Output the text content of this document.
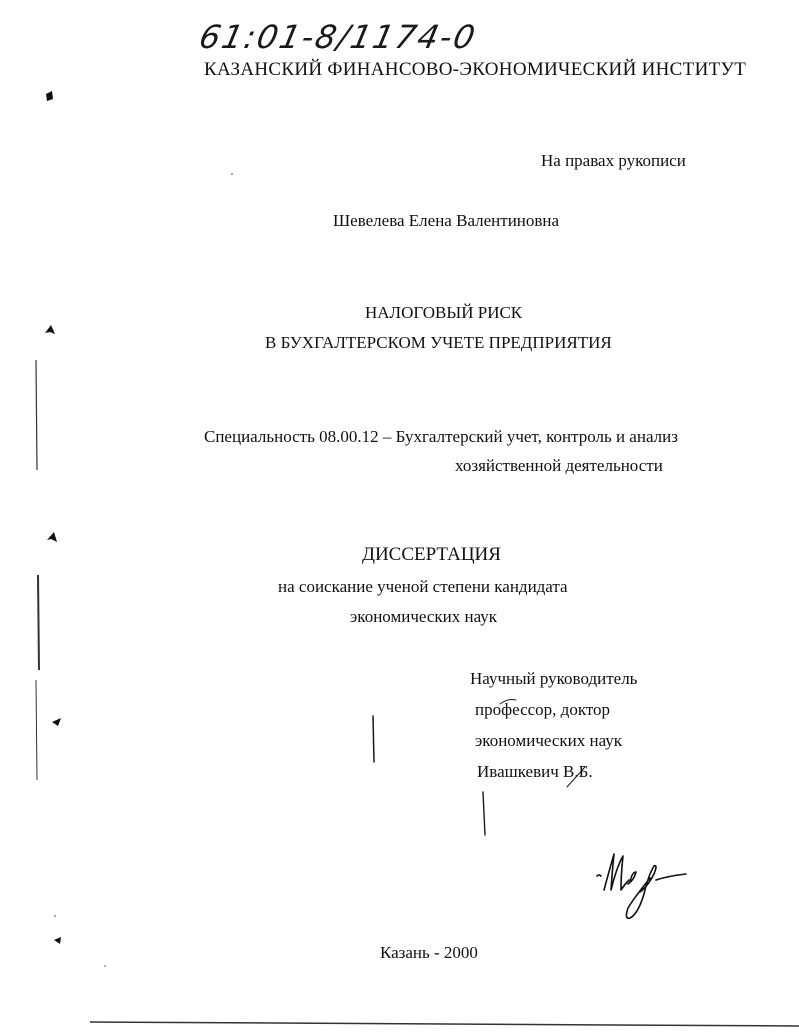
61:01-8/1174-0
КАЗАНСКИЙ ФИНАНСОВО-ЭКОНОМИЧЕСКИЙ ИНСТИТУТ
На правах рукописи
Шевелева Елена Валентиновна
НАЛОГОВЫЙ РИСК
В БУХГАЛТЕРСКОМ УЧЕТЕ ПРЕДПРИЯТИЯ
Специальность 08.00.12 – Бухгалтерский учет, контроль и анализ
хозяйственной деятельности
ДИССЕРТАЦИЯ
на соискание ученой степени кандидата
экономических наук
Научный руководитель
профессор, доктор
экономических наук
Ивашкевич В.Б.
Казань - 2000
